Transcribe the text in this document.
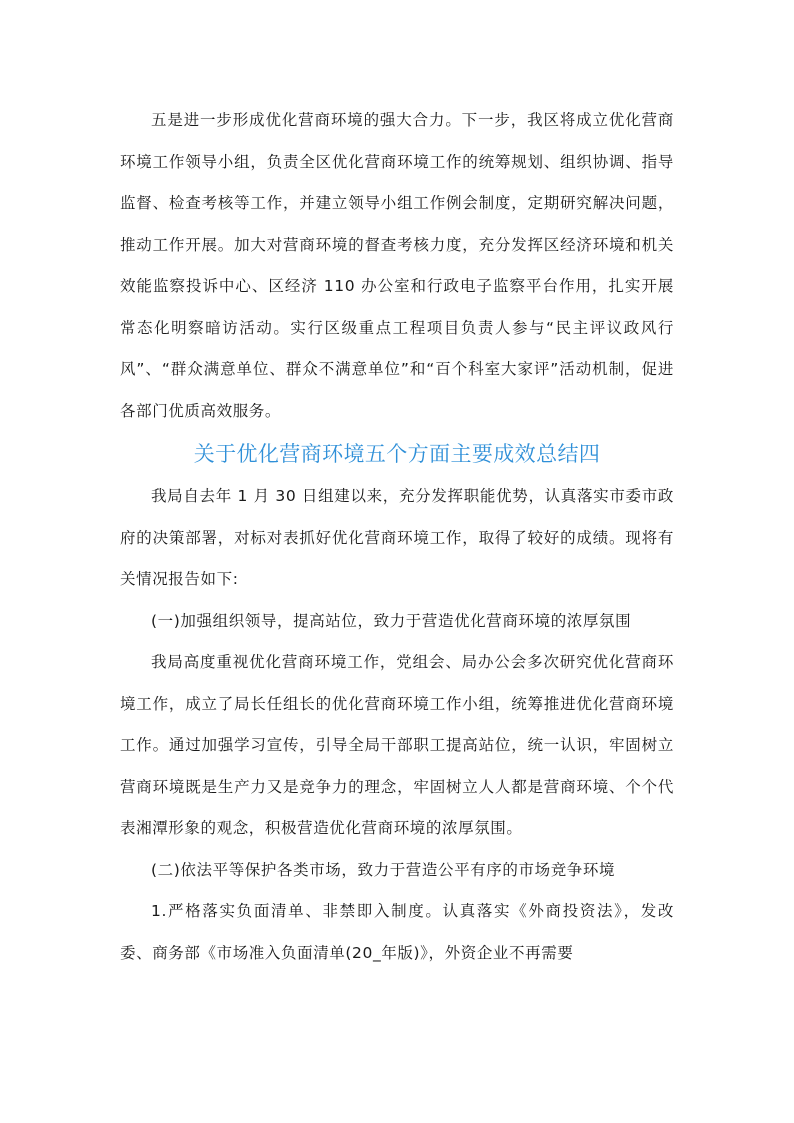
五是进一步形成优化营商环境的强大合力。下一步，我区将成立优化营商环境工作领导小组，负责全区优化营商环境工作的统筹规划、组织协调、指导监督、检查考核等工作，并建立领导小组工作例会制度，定期研究解决问题，推动工作开展。加大对营商环境的督查考核力度，充分发挥区经济环境和机关效能监察投诉中心、区经济 110 办公室和行政电子监察平台作用，扎实开展常态化明察暗访活动。实行区级重点工程项目负责人参与“民主评议政风行风”、“群众满意单位、群众不满意单位”和“百个科室大家评”活动机制，促进各部门优质高效服务。

关于优化营商环境五个方面主要成效总结四

我局自去年 1 月 30 日组建以来，充分发挥职能优势，认真落实市委市政府的决策部署，对标对表抓好优化营商环境工作，取得了较好的成绩。现将有关情况报告如下:

(一)加强组织领导，提高站位，致力于营造优化营商环境的浓厚氛围

我局高度重视优化营商环境工作，党组会、局办公会多次研究优化营商环境工作，成立了局长任组长的优化营商环境工作小组，统筹推进优化营商环境工作。通过加强学习宣传，引导全局干部职工提高站位，统一认识，牢固树立营商环境既是生产力又是竞争力的理念，牢固树立人人都是营商环境、个个代表湘潭形象的观念，积极营造优化营商环境的浓厚氛围。

(二)依法平等保护各类市场，致力于营造公平有序的市场竞争环境

1.严格落实负面清单、非禁即入制度。认真落实《外商投资法》，发改委、商务部《市场准入负面清单(20_年版)》，外资企业不再需要
